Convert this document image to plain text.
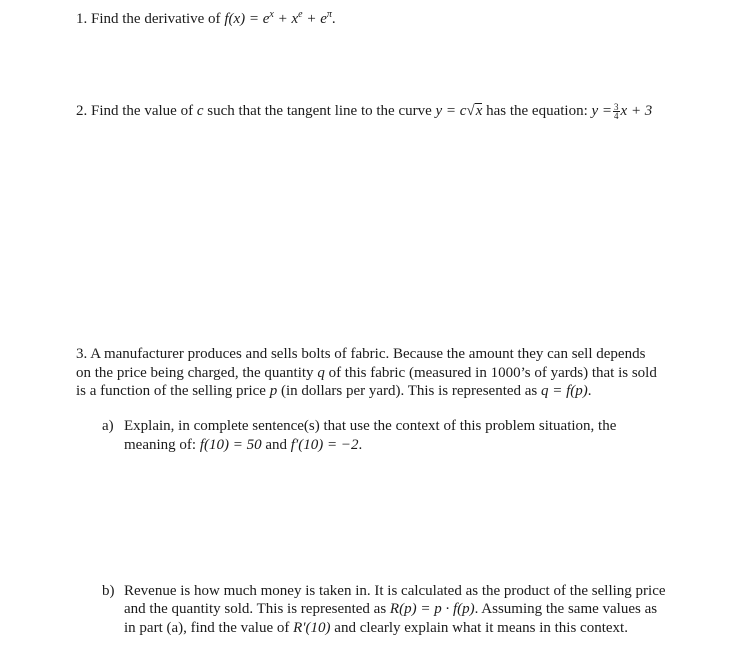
1. Find the derivative of $f(x) = e^x + x^e + e^\pi$.
2. Find the value of c such that the tangent line to the curve y = c√x has the equation: $y = \frac{3}{4}$ x + 3
3. A manufacturer produces and sells bolts of fabric. Because the amount they can sell depends
on the price being charged, the quantity q of this fabric (measured in 1000’s of yards) that is sold
is a function of the selling price p (in dollars per yard). This is represented as q = f(p).
a) Explain, in complete sentence(s) that use the context of this problem situation, the
meaning of: f(10) = 50 and f′(10) = −2.
b) Revenue is how much money is taken in. It is calculated as the product of the selling price
and the quantity sold. This is represented as R(p) = p · f(p). Assuming the same values as
in part (a), find the value of R′(10) and clearly explain what it means in this context.
